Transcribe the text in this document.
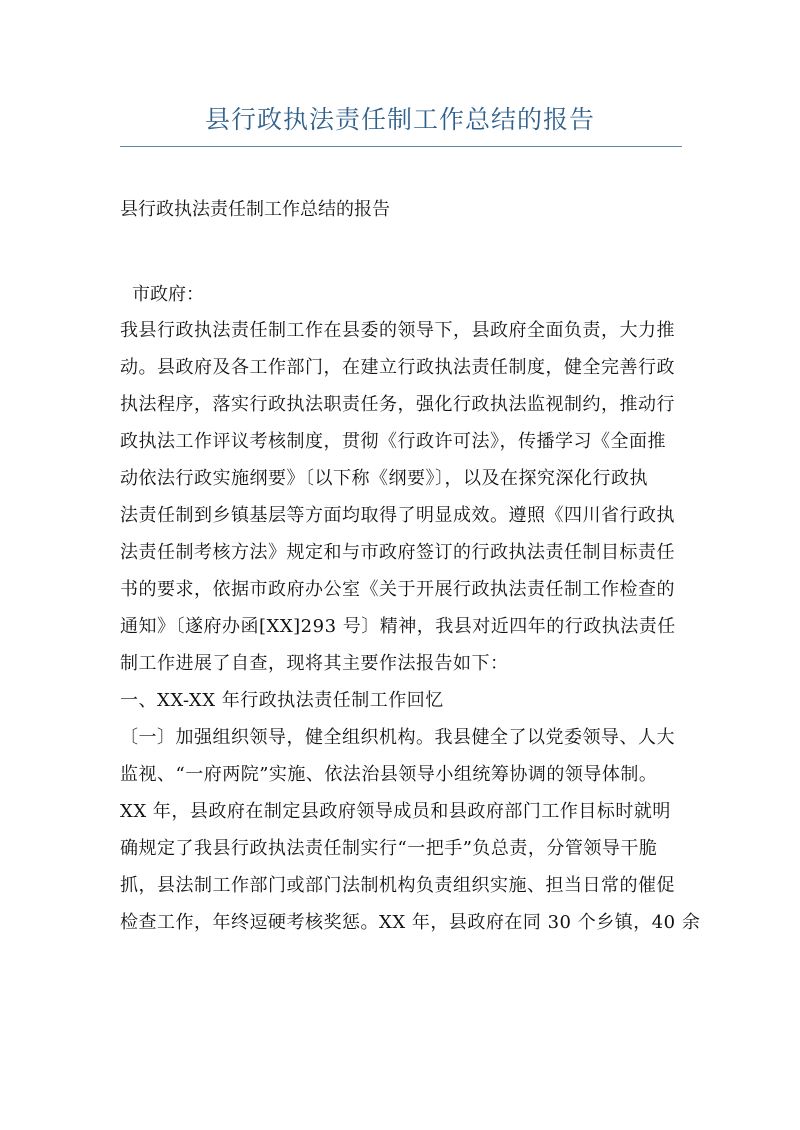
县行政执法责任制工作总结的报告
县行政执法责任制工作总结的报告
市政府：
我县行政执法责任制工作在县委的领导下，县政府全面负责，大力推
动。县政府及各工作部门，在建立行政执法责任制度，健全完善行政
执法程序，落实行政执法职责任务，强化行政执法监视制约，推动行
政执法工作评议考核制度，贯彻《行政许可法》，传播学习《全面推
动依法行政实施纲要》〔以下称《纲要》〕，以及在探究深化行政执
法责任制到乡镇基层等方面均取得了明显成效。遵照《四川省行政执
法责任制考核方法》规定和与市政府签订的行政执法责任制目标责任
书的要求，依据市政府办公室《关于开展行政执法责任制工作检查的
通知》〔遂府办函[XX]293 号〕精神，我县对近四年的行政执法责任
制工作进展了自查，现将其主要作法报告如下：
一、XX-XX 年行政执法责任制工作回忆
〔一〕加强组织领导，健全组织机构。我县健全了以党委领导、人大
监视、“一府两院”实施、依法治县领导小组统筹协调的领导体制。
XX 年，县政府在制定县政府领导成员和县政府部门工作目标时就明
确规定了我县行政执法责任制实行“一把手”负总责，分管领导干脆
抓，县法制工作部门或部门法制机构负责组织实施、担当日常的催促
检查工作，年终逗硬考核奖惩。XX 年，县政府在同 30 个乡镇，40 余
